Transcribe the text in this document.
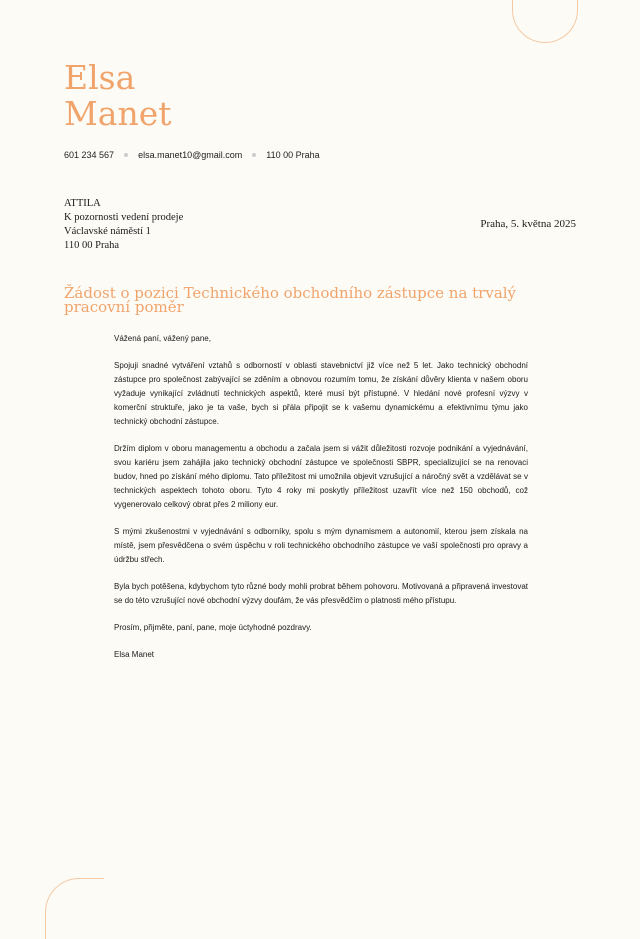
Elsa
Manet
601 234 567	elsa.manet10@gmail.com	110 00 Praha
ATTILA
K pozornosti vedení prodeje
Václavské náměstí 1
110 00 Praha
Praha, 5. května 2025
Žádost o pozici Technického obchodního zástupce na trvalý pracovní poměr

Vážená paní, vážený pane,

Spojuji snadné vytváření vztahů s odborností v oblasti stavebnictví již více než 5 let. Jako technický obchodní zástupce pro společnost zabývající se zděním a obnovou rozumím tomu, že získání důvěry klienta v našem oboru vyžaduje vynikající zvládnutí technických aspektů, které musí být přístupné. V hledání nové profesní výzvy v komerční struktuře, jako je ta vaše, bych si přála připojit se k vašemu dynamickému a efektivnímu týmu jako technický obchodní zástupce.

Držím diplom v oboru managementu a obchodu a začala jsem si vážit důležitosti rozvoje podnikání a vyjednávání, svou kariéru jsem zahájila jako technický obchodní zástupce ve společnosti SBPR, specializující se na renovaci budov, hned po získání mého diplomu. Tato příležitost mi umožnila objevit vzrušující a náročný svět a vzdělávat se v technických aspektech tohoto oboru. Tyto 4 roky mi poskytly příležitost uzavřít více než 150 obchodů, což vygenerovalo celkový obrat přes 2 miliony eur.

S mými zkušenostmi v vyjednávání s odborníky, spolu s mým dynamismem a autonomií, kterou jsem získala na místě, jsem přesvědčena o svém úspěchu v roli technického obchodního zástupce ve vaší společnosti pro opravy a údržbu střech.

Byla bych potěšena, kdybychom tyto různé body mohli probrat během pohovoru. Motivovaná a připravená investovat se do této vzrušující nové obchodní výzvy doufám, že vás přesvědčím o platnosti mého přístupu.

Prosím, přijměte, paní, pane, moje úctyhodné pozdravy.

Elsa Manet
